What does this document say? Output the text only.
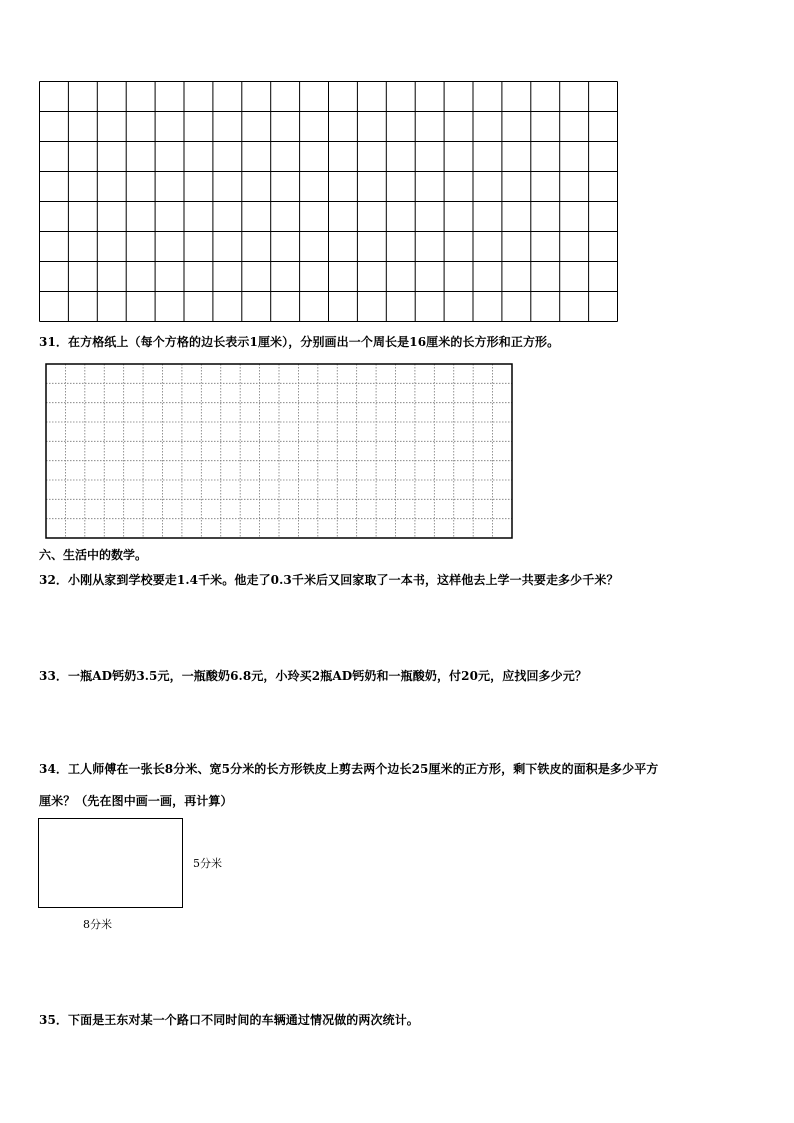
31．在方格纸上（每个方格的边长表示1厘米），分别画出一个周长是16厘米的长方形和正方形。
六、生活中的数学。
32．小刚从家到学校要走1.4千米。他走了0.3千米后又回家取了一本书，这样他去上学一共要走多少千米？
33．一瓶AD钙奶3.5元，一瓶酸奶6.8元，小玲买2瓶AD钙奶和一瓶酸奶，付20元，应找回多少元？
34．工人师傅在一张长8分米、宽5分米的长方形铁皮上剪去两个边长25厘米的正方形，剩下铁皮的面积是多少平方
厘米？（先在图中画一画，再计算）
5分米
8分米
35．下面是王东对某一个路口不同时间的车辆通过情况做的两次统计。
